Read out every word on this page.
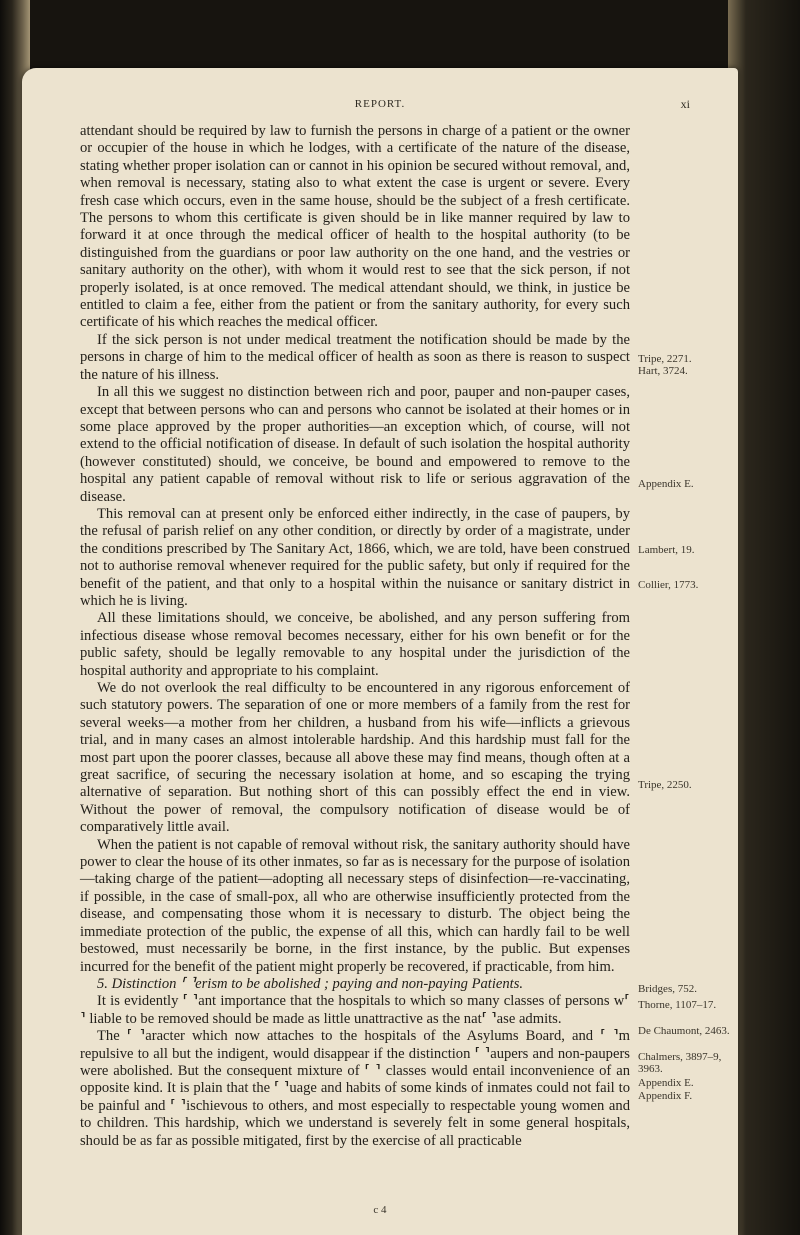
REPORT.	xi

attendant should be required by law to furnish the persons in charge of a patient or the owner or occupier of the house in which he lodges, with a certificate of the nature of the disease, stating whether proper isolation can or cannot in his opinion be secured without removal, and, when removal is necessary, stating also to what extent the case is urgent or severe. Every fresh case which occurs, even in the same house, should be the subject of a fresh certificate. The persons to whom this certificate is given should be in like manner required by law to forward it at once through the medical officer of health to the hospital authority (to be distinguished from the guardians or poor law authority on the one hand, and the vestries or sanitary authority on the other), with whom it would rest to see that the sick person, if not properly isolated, is at once removed. The medical attendant should, we think, in justice be entitled to claim a fee, either from the patient or from the sanitary authority, for every such certificate of his which reaches the medical officer.

If the sick person is not under medical treatment the notification should be made by the persons in charge of him to the medical officer of health as soon as there is reason to suspect the nature of his illness.

In all this we suggest no distinction between rich and poor, pauper and non-pauper cases, except that between persons who can and persons who cannot be isolated at their homes or in some place approved by the proper authorities—an exception which, of course, will not extend to the official notification of disease. In default of such isolation the hospital authority (however constituted) should, we conceive, be bound and empowered to remove to the hospital any patient capable of removal without risk to life or serious aggravation of the disease.

This removal can at present only be enforced either indirectly, in the case of paupers, by the refusal of parish relief on any other condition, or directly by order of a magistrate, under the conditions prescribed by The Sanitary Act, 1866, which, we are told, have been construed not to authorise removal whenever required for the public safety, but only if required for the benefit of the patient, and that only to a hospital within the nuisance or sanitary district in which he is living.

All these limitations should, we conceive, be abolished, and any person suffering from infectious disease whose removal becomes necessary, either for his own benefit or for the public safety, should be legally removable to any hospital under the jurisdiction of the hospital authority and appropriate to his complaint.

We do not overlook the real difficulty to be encountered in any rigorous enforcement of such statutory powers. The separation of one or more members of a family from the rest for several weeks—a mother from her children, a husband from his wife—inflicts a grievous trial, and in many cases an almost intolerable hardship. And this hardship must fall for the most part upon the poorer classes, because all above these may find means, though often at a great sacrifice, of securing the necessary isolation at home, and so escaping the trying alternative of separation. But nothing short of this can possibly effect the end in view. Without the power of removal, the compulsory notification of disease would be of comparatively little avail.

When the patient is not capable of removal without risk, the sanitary authority should have power to clear the house of its other inmates, so far as is necessary for the purpose of isolation—taking charge of the patient—adopting all necessary steps of disinfection—re-vaccinating, if possible, in the case of small-pox, all who are otherwise insufficiently protected from the disease, and compensating those whom it is necessary to disturb. The object being the immediate protection of the public, the expense of all this, which can hardly fail to be well bestowed, must necessarily be borne, in the first instance, by the public. But expenses incurred for the benefit of the patient might properly be recovered, if practicable, from him.

5. Distinction ⸢ ⸣erism to be abolished ; paying and non-paying Patients.

It is evidently ⸢ ⸣ant importance that the hospitals to which so many classes of persons w⸢ ⸣ liable to be removed should be made as little unattractive as the nat⸢ ⸣ase admits.

The ⸢ ⸣aracter which now attaches to the hospitals of the Asylums Board, and ⸢ ⸣m repulsive to all but the indigent, would disappear if the distinction ⸢ ⸣aupers and non-paupers were abolished. But the consequent mixture of ⸢ ⸣ classes would entail inconvenience of an opposite kind. It is plain that the ⸢ ⸣uage and habits of some kinds of inmates could not fail to be painful and ⸢ ⸣ischievous to others, and most especially to respectable young women and to children. This hardship, which we understand is severely felt in some general hospitals, should be as far as possible mitigated, first by the exercise of all practicable

c 4
Tripe, 2271.
Hart, 3724.
Appendix E.
Lambert, 19.
Collier, 1773.
Tripe, 2250.
Bridges, 752.
Thorne, 1107–17.
De Chaumont, 2463.
Chalmers, 3897–9, 3963.
Appendix E.
Appendix F.
